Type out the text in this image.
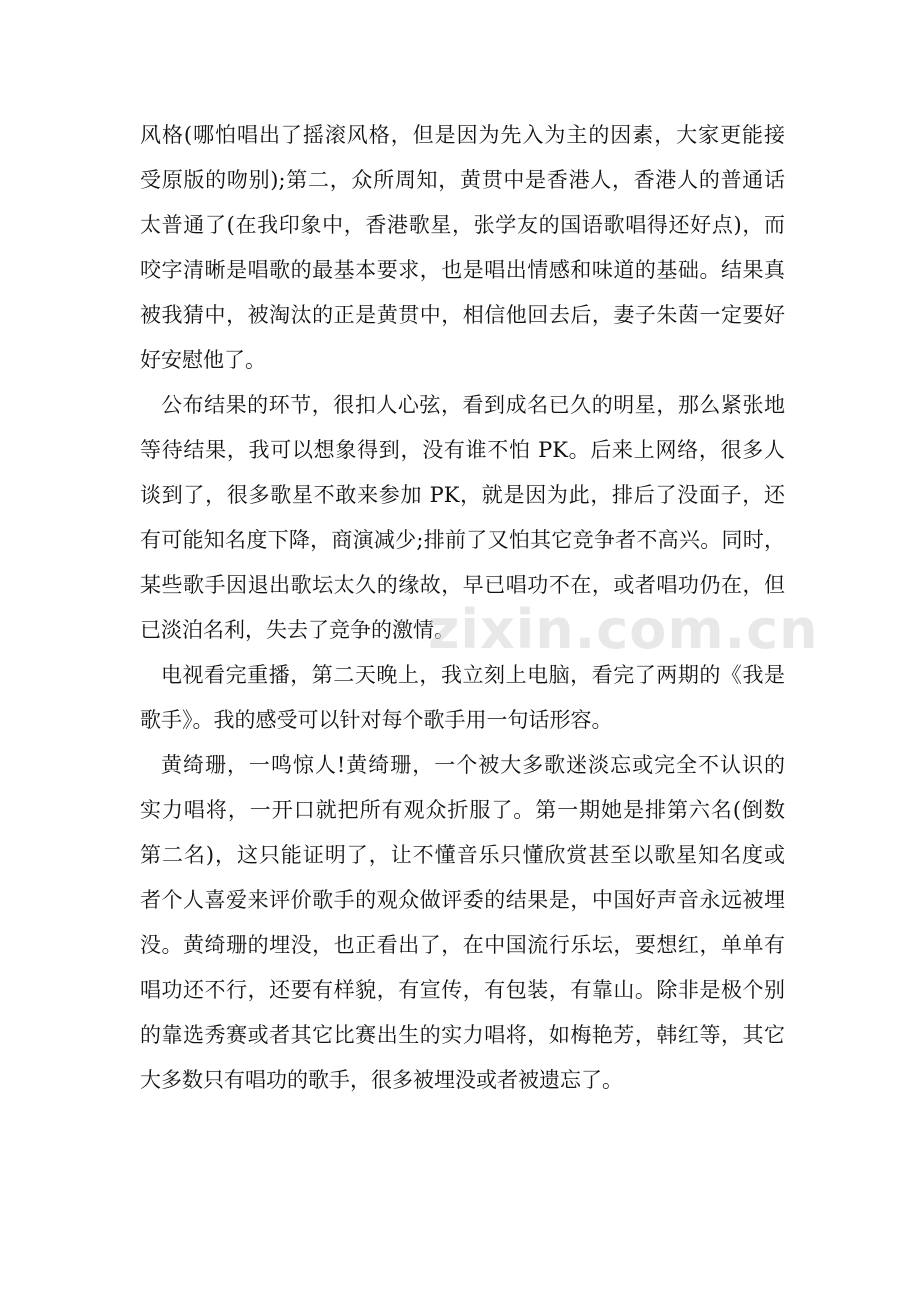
风格(哪怕唱出了摇滚风格，但是因为先入为主的因素，大家更能接
受原版的吻别);第二，众所周知，黄贯中是香港人，香港人的普通话
太普通了(在我印象中，香港歌星，张学友的国语歌唱得还好点)，而
咬字清晰是唱歌的最基本要求，也是唱出情感和味道的基础。结果真
被我猜中，被淘汰的正是黄贯中，相信他回去后，妻子朱茵一定要好
好安慰他了。
公布结果的环节，很扣人心弦，看到成名已久的明星，那么紧张地
等待结果，我可以想象得到，没有谁不怕 PK。后来上网络，很多人
谈到了，很多歌星不敢来参加 PK，就是因为此，排后了没面子，还
有可能知名度下降，商演减少;排前了又怕其它竞争者不高兴。同时，
某些歌手因退出歌坛太久的缘故，早已唱功不在，或者唱功仍在，但
已淡泊名利，失去了竞争的激情。
电视看完重播，第二天晚上，我立刻上电脑，看完了两期的《我是
歌手》。我的感受可以针对每个歌手用一句话形容。
黄绮珊，一鸣惊人!黄绮珊，一个被大多歌迷淡忘或完全不认识的
实力唱将，一开口就把所有观众折服了。第一期她是排第六名(倒数
第二名)，这只能证明了，让不懂音乐只懂欣赏甚至以歌星知名度或
者个人喜爱来评价歌手的观众做评委的结果是，中国好声音永远被埋
没。黄绮珊的埋没，也正看出了，在中国流行乐坛，要想红，单单有
唱功还不行，还要有样貌，有宣传，有包装，有靠山。除非是极个别
的靠选秀赛或者其它比赛出生的实力唱将，如梅艳芳，韩红等，其它
大多数只有唱功的歌手，很多被埋没或者被遗忘了。
zixin.com.cn
